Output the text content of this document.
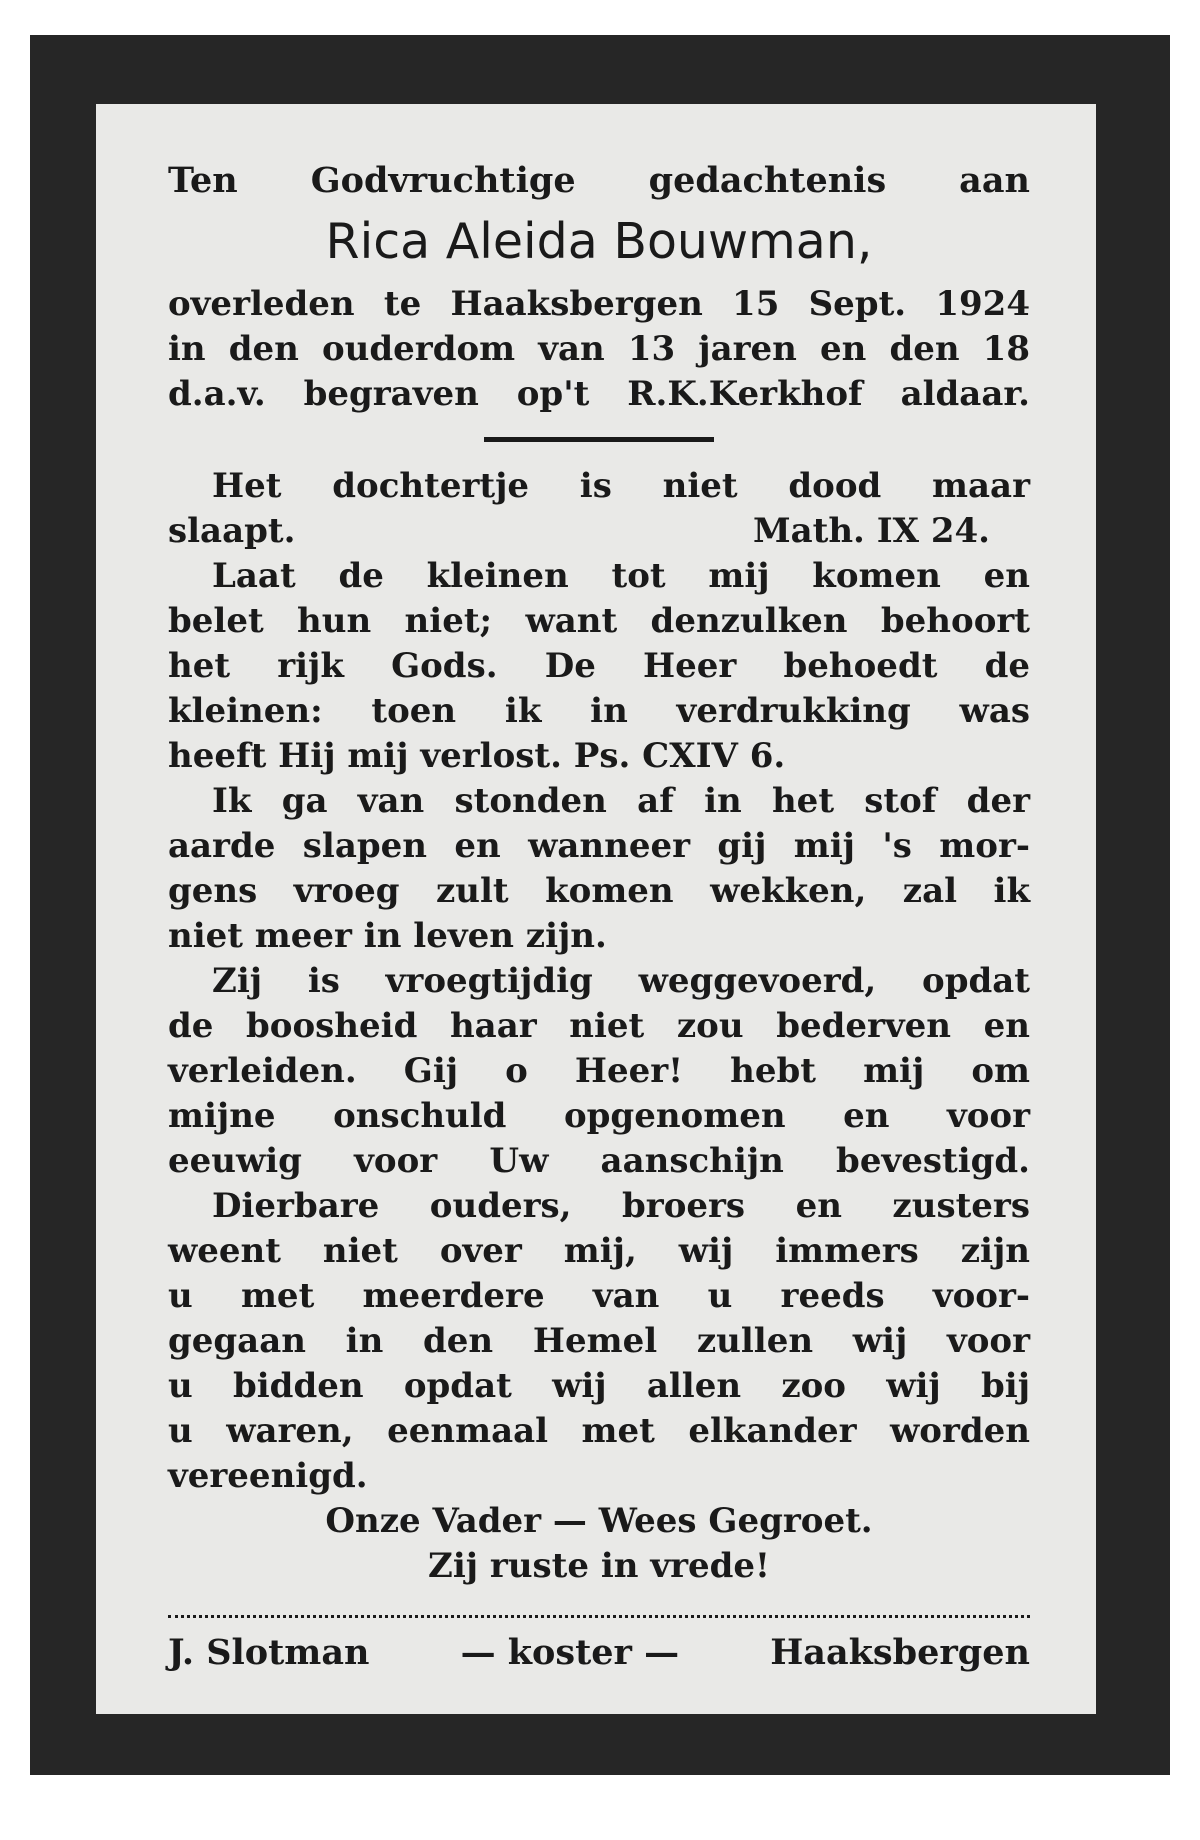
Ten Godvruchtige gedachtenis aan
Rica Aleida Bouwman,
overleden te Haaksbergen 15 Sept. 1924
in den ouderdom van 13 jaren en den 18
d.a.v. begraven op't R.K.Kerkhof aldaar.
Het dochtertje is niet dood maar
slaapt.	Math. IX 24.
Laat de kleinen tot mij komen en
belet hun niet; want denzulken behoort
het rijk Gods. De Heer behoedt de
kleinen: toen ik in verdrukking was
heeft Hij mij verlost. Ps. CXIV 6.
Ik ga van stonden af in het stof der
aarde slapen en wanneer gij mij 's mor-
gens vroeg zult komen wekken, zal ik
niet meer in leven zijn.
Zij is vroegtijdig weggevoerd, opdat
de boosheid haar niet zou bederven en
verleiden. Gij o Heer! hebt mij om
mijne onschuld opgenomen en voor
eeuwig voor Uw aanschijn bevestigd.
Dierbare ouders, broers en zusters
weent niet over mij, wij immers zijn
u met meerdere van u reeds voor-
gegaan in den Hemel zullen wij voor
u bidden opdat wij allen zoo wij bij
u waren, eenmaal met elkander worden
vereenigd.
Onze Vader — Wees Gegroet.
Zij ruste in vrede!
J. Slotman	— koster —	Haaksbergen
